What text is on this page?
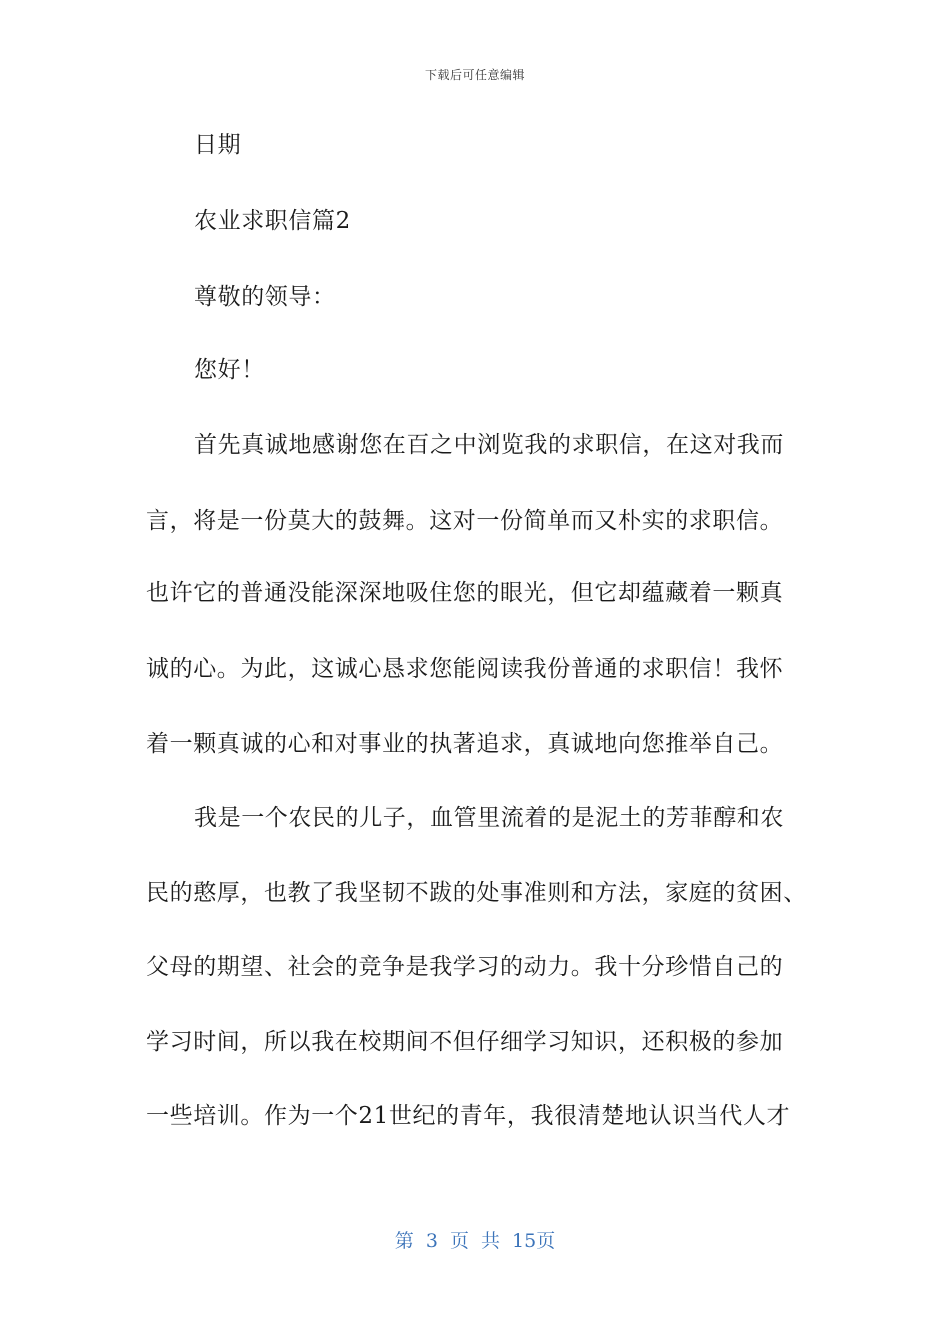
下载后可任意编辑
日期
农业求职信篇2
尊敬的领导：
您好！
首先真诚地感谢您在百之中浏览我的求职信，在这对我而
言，将是一份莫大的鼓舞。这对一份简单而又朴实的求职信。
也许它的普通没能深深地吸住您的眼光，但它却蕴藏着一颗真
诚的心。为此，这诚心恳求您能阅读我份普通的求职信！我怀
着一颗真诚的心和对事业的执著追求，真诚地向您推举自己。
我是一个农民的儿子，血管里流着的是泥土的芳菲醇和农
民的憨厚，也教了我坚韧不跋的处事准则和方法，家庭的贫困、
父母的期望、社会的竞争是我学习的动力。我十分珍惜自己的
学习时间，所以我在校期间不但仔细学习知识，还积极的参加
一些培训。作为一个21世纪的青年，我很清楚地认识当代人才
第 3 页 共 15页
